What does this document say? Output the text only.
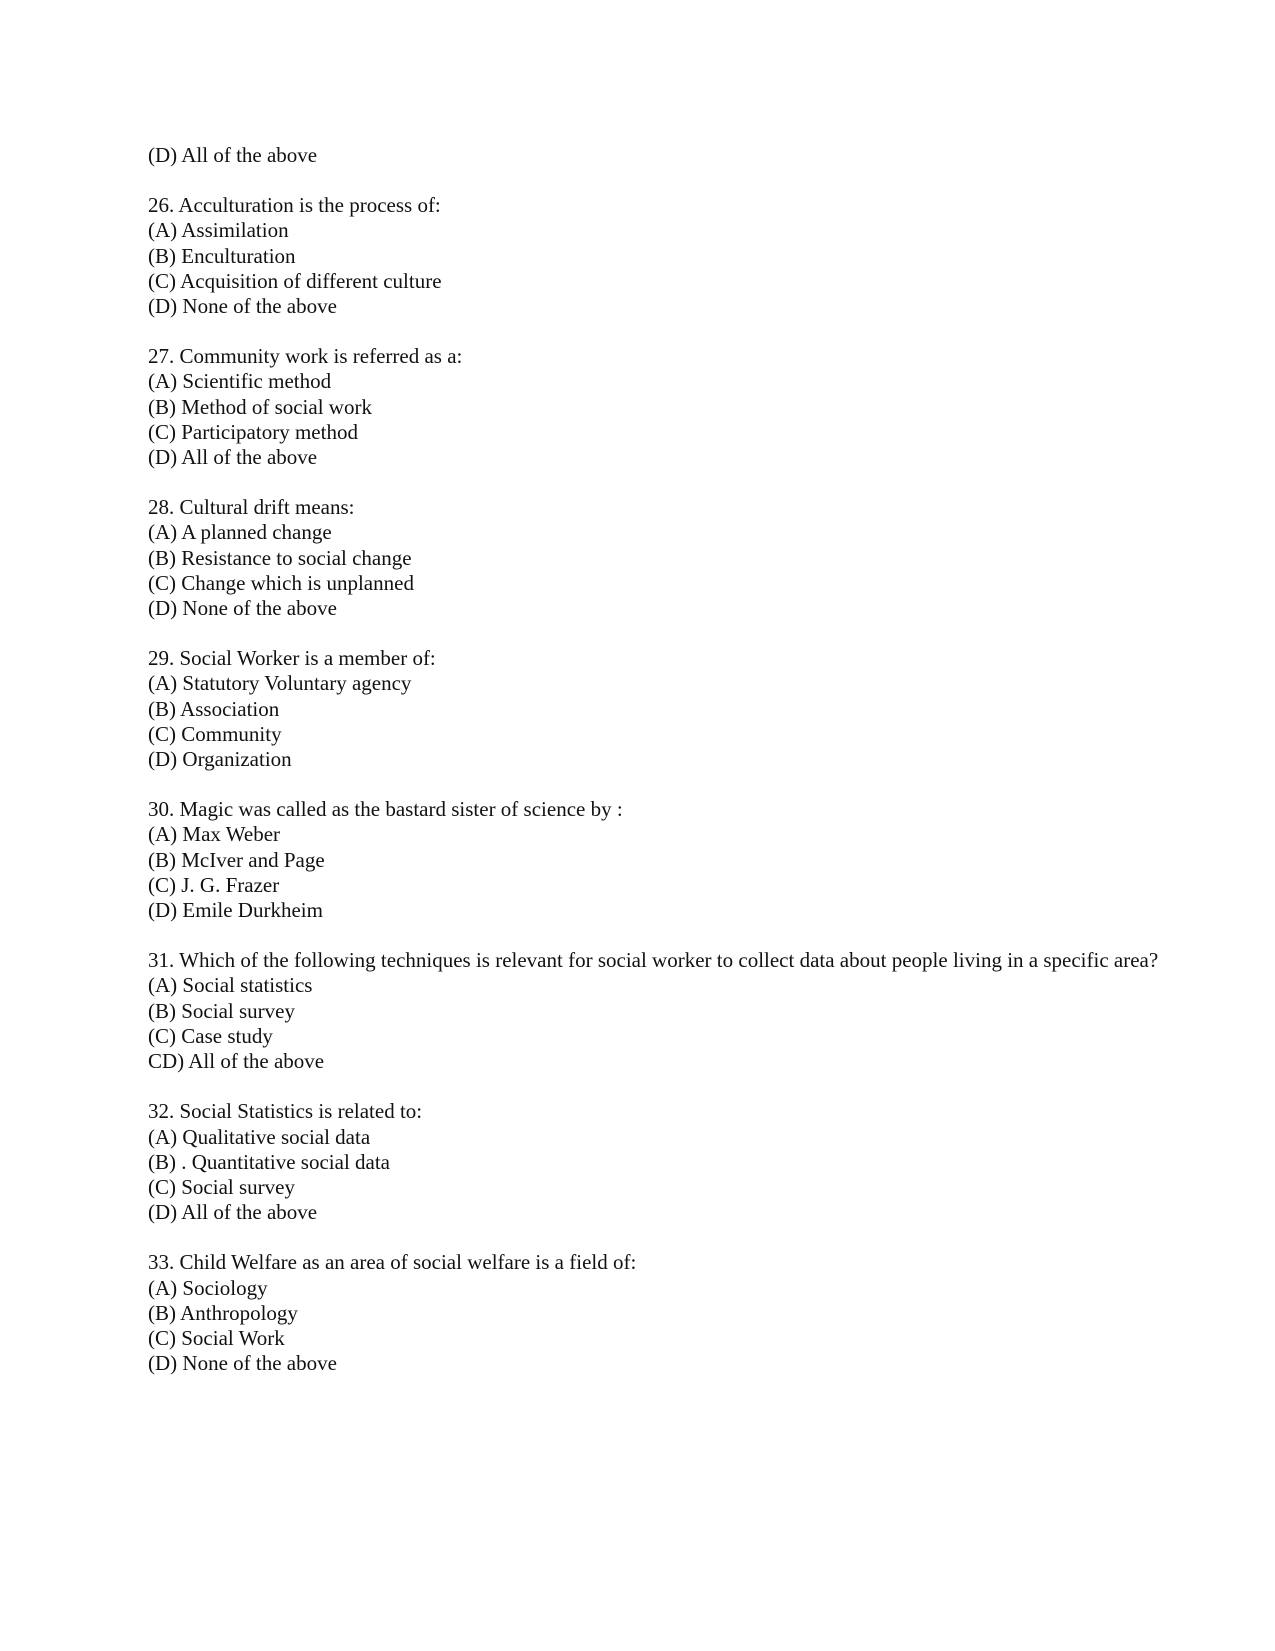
(D) All of the above
26. Acculturation is the process of:
(A) Assimilation
(B) Enculturation
(C) Acquisition of different culture
(D) None of the above
27. Community work is referred as a:
(A) Scientific method
(B) Method of social work
(C) Participatory method
(D) All of the above
28. Cultural drift means:
(A) A planned change
(B) Resistance to social change
(C) Change which is unplanned
(D) None of the above
29. Social Worker is a member of:
(A) Statutory Voluntary agency
(B) Association
(C) Community
(D) Organization
30. Magic was called as the bastard sister of science by :
(A) Max Weber
(B) McIver and Page
(C) J. G. Frazer
(D) Emile Durkheim
31. Which of the following techniques is relevant for social worker to collect data about people living in a specific area?
(A) Social statistics
(B) Social survey
(C) Case study
CD) All of the above
32. Social Statistics is related to:
(A) Qualitative social data
(B) . Quantitative social data
(C) Social survey
(D) All of the above
33. Child Welfare as an area of social welfare is a field of:
(A) Sociology
(B) Anthropology
(C) Social Work
(D) None of the above
